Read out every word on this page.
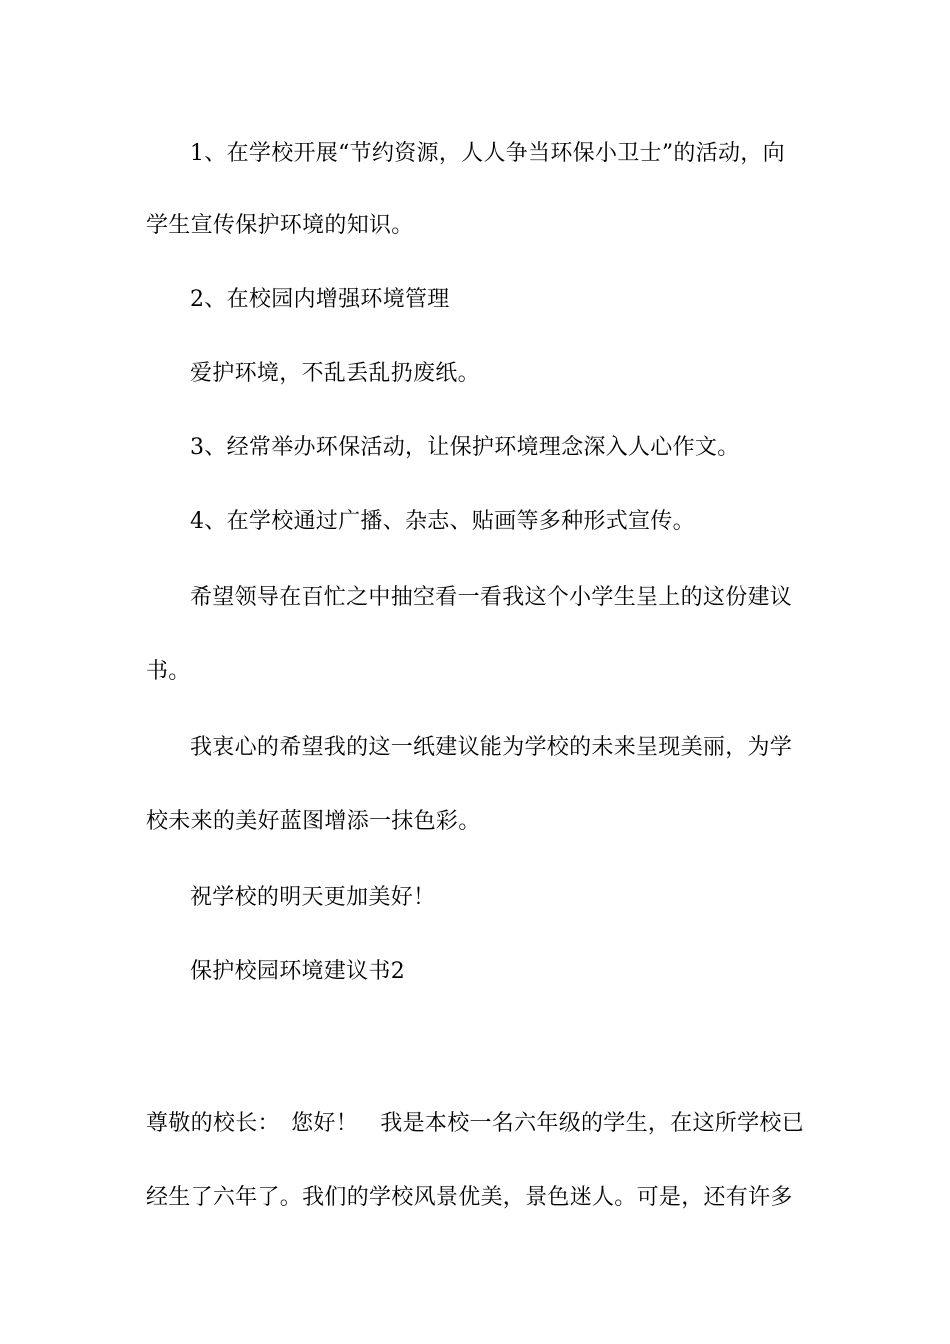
1、在学校开展“节约资源，人人争当环保小卫士”的活动，向
学生宣传保护环境的知识。
2、在校园内增强环境管理
爱护环境，不乱丢乱扔废纸。
3、经常举办环保活动，让保护环境理念深入人心作文。
4、在学校通过广播、杂志、贴画等多种形式宣传。
希望领导在百忙之中抽空看一看我这个小学生呈上的这份建议
书。
我衷心的希望我的这一纸建议能为学校的未来呈现美丽，为学
校未来的美好蓝图增添一抹色彩。
祝学校的明天更加美好！
保护校园环境建议书2
尊敬的校长：　您好！　我是本校一名六年级的学生，在这所学校已
经生了六年了。我们的学校风景优美，景色迷人。可是，还有许多
